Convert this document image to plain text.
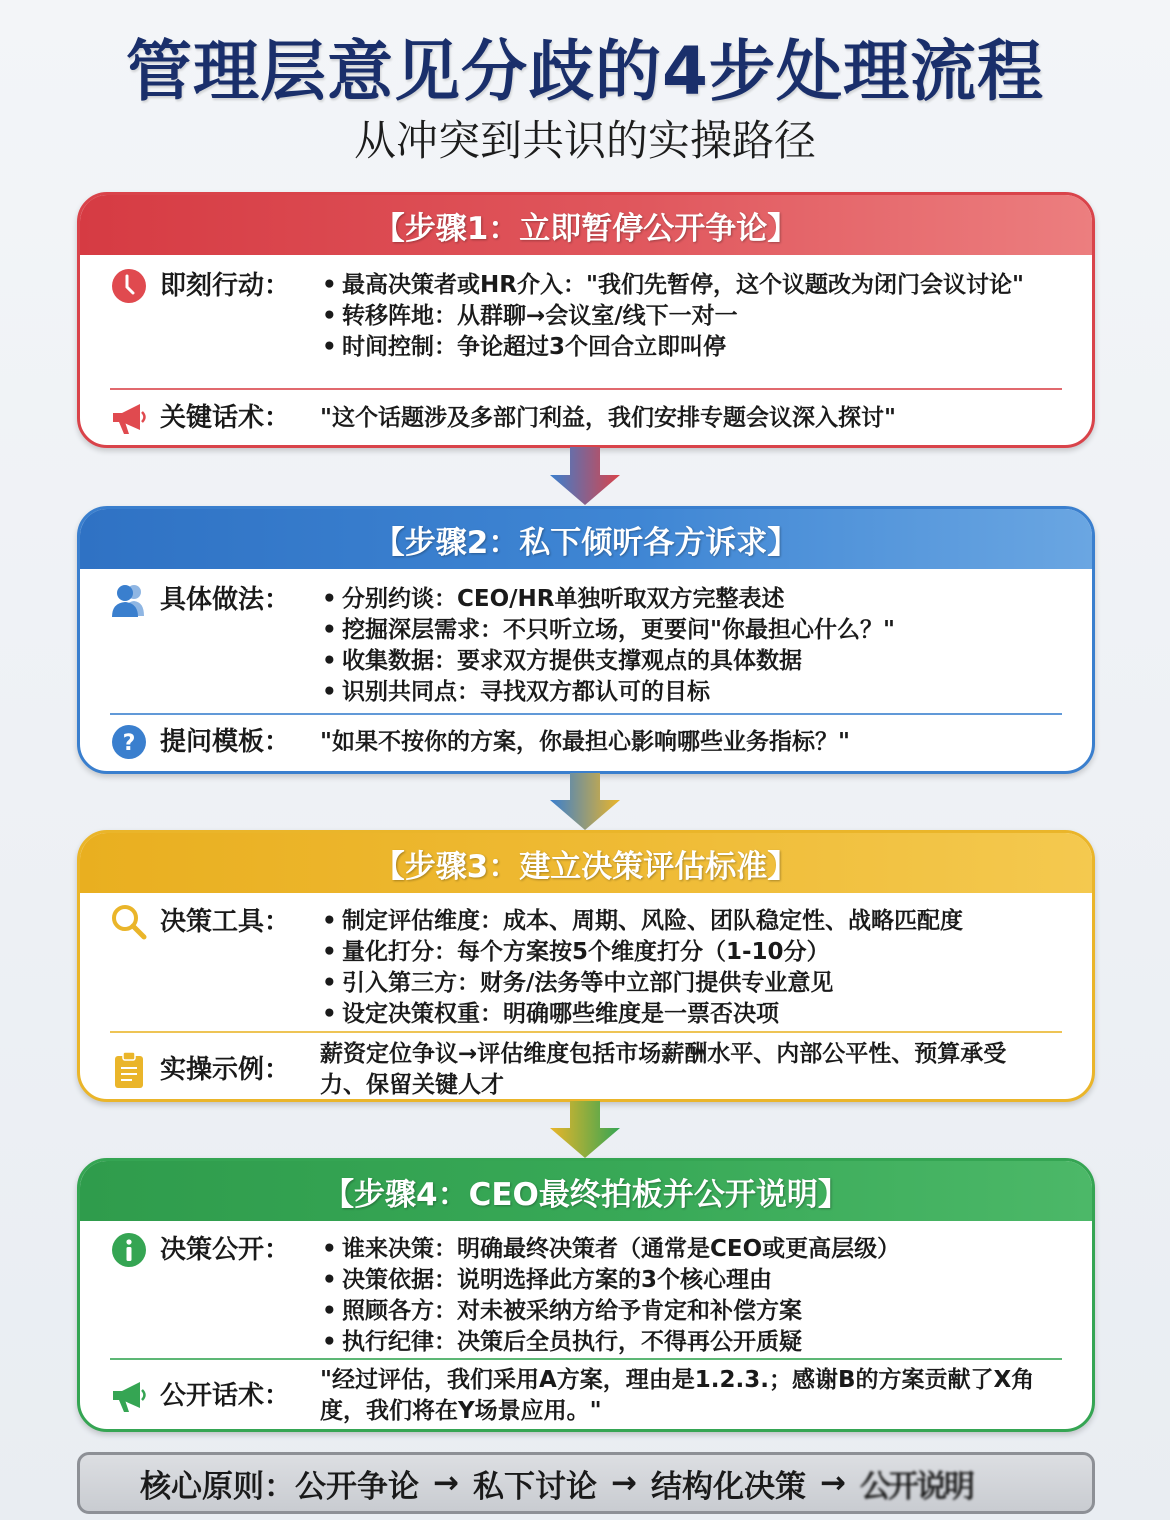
管理层意见分歧的4步处理流程
从冲突到共识的实操路径
【步骤1：立即暂停公开争论】
即刻行动：	• 最高决策者或HR介入："我们先暂停，这个议题改为闭门会议讨论"
• 转移阵地：从群聊→会议室/线下一对一
• 时间控制：争论超过3个回合立即叫停
关键话术：	"这个话题涉及多部门利益，我们安排专题会议深入探讨"
【步骤2：私下倾听各方诉求】
具体做法：	• 分别约谈：CEO/HR单独听取双方完整表述
• 挖掘深层需求：不只听立场，更要问"你最担心什么？"
• 收集数据：要求双方提供支撑观点的具体数据
• 识别共同点：寻找双方都认可的目标
? 提问模板：	"如果不按你的方案，你最担心影响哪些业务指标？"
【步骤3：建立决策评估标准】
决策工具：	• 制定评估维度：成本、周期、风险、团队稳定性、战略匹配度
• 量化打分：每个方案按5个维度打分（1-10分）
• 引入第三方：财务/法务等中立部门提供专业意见
• 设定决策权重：明确哪些维度是一票否决项
实操示例：
薪资定位争议→评估维度包括市场薪酬水平、内部公平性、预算承受力、保留关键人才
【步骤4：CEO最终拍板并公开说明】
决策公开：	• 谁来决策：明确最终决策者（通常是CEO或更高层级）
• 决策依据：说明选择此方案的3个核心理由
• 照顾各方：对未被采纳方给予肯定和补偿方案
• 执行纪律：决策后全员执行，不得再公开质疑
公开话术：
"经过评估，我们采用A方案，理由是1.2.3.；感谢B的方案贡献了X角度，我们将在Y场景应用。"
核心原则： 公开争论 → 私下讨论 → 结构化决策 → 公开说明
